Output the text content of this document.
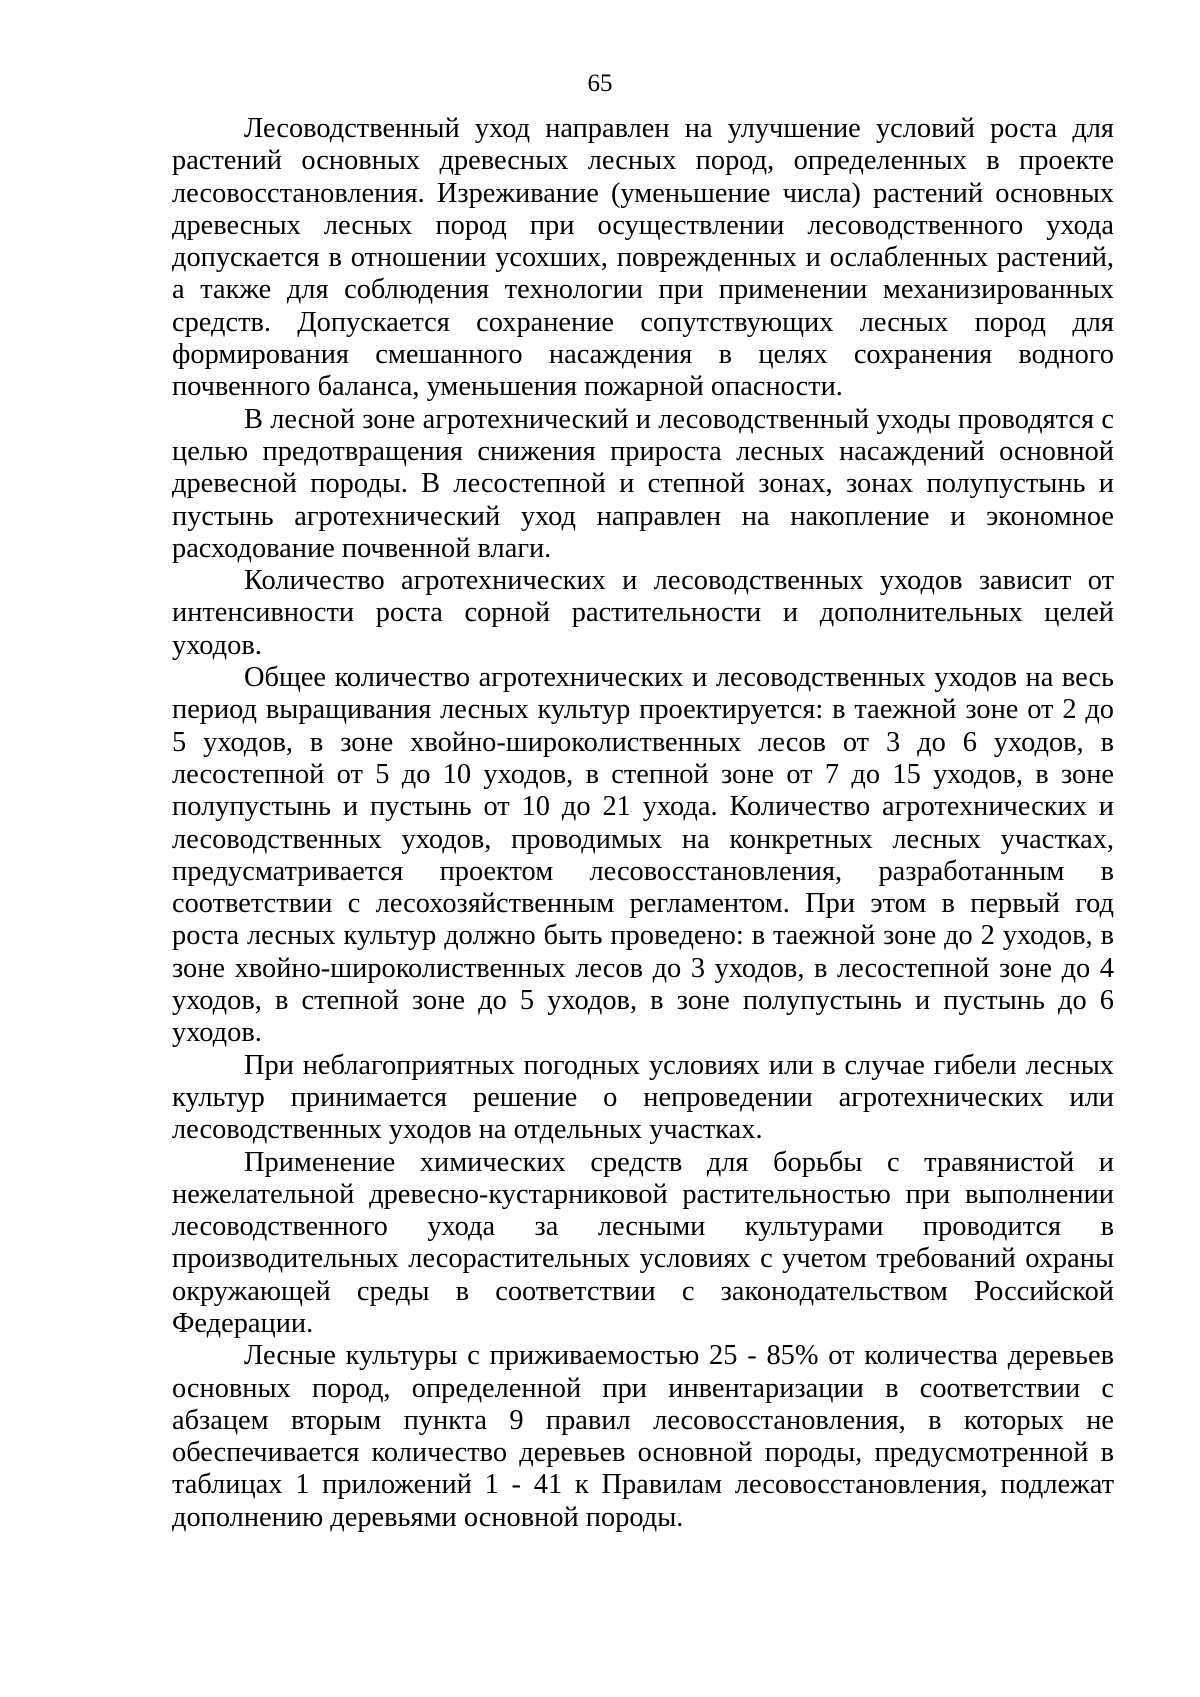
65

Лесоводственный уход направлен на улучшение условий роста для растений основных древесных лесных пород, определенных в проекте лесовосстановления. Изреживание (уменьшение числа) растений основных древесных лесных пород при осуществлении лесоводственного ухода допускается в отношении усохших, поврежденных и ослабленных растений, а также для соблюдения технологии при применении механизированных средств. Допускается сохранение сопутствующих лесных пород для формирования смешанного насаждения в целях сохранения водного почвенного баланса, уменьшения пожарной опасности.

В лесной зоне агротехнический и лесоводственный уходы проводятся с целью предотвращения снижения прироста лесных насаждений основной древесной породы. В лесостепной и степной зонах, зонах полупустынь и пустынь агротехнический уход направлен на накопление и экономное расходование почвенной влаги.

Количество агротехнических и лесоводственных уходов зависит от интенсивности роста сорной растительности и дополнительных целей уходов.

Общее количество агротехнических и лесоводственных уходов на весь период выращивания лесных культур проектируется: в таежной зоне от 2 до 5 уходов, в зоне хвойно-широколиственных лесов от 3 до 6 уходов, в лесостепной от 5 до 10 уходов, в степной зоне от 7 до 15 уходов, в зоне полупустынь и пустынь от 10 до 21 ухода. Количество агротехнических и лесоводственных уходов, проводимых на конкретных лесных участках, предусматривается проектом лесовосстановления, разработанным в соответствии с лесохозяйственным регламентом. При этом в первый год роста лесных культур должно быть проведено: в таежной зоне до 2 уходов, в зоне хвойно-широколиственных лесов до 3 уходов, в лесостепной зоне до 4 уходов, в степной зоне до 5 уходов, в зоне полупустынь и пустынь до 6 уходов.

При неблагоприятных погодных условиях или в случае гибели лесных культур принимается решение о непроведении агротехнических или лесоводственных уходов на отдельных участках.

Применение химических средств для борьбы с травянистой и нежелательной древесно-кустарниковой растительностью при выполнении лесоводственного ухода за лесными культурами проводится в производительных лесорастительных условиях с учетом требований охраны окружающей среды в соответствии с законодательством Российской Федерации.

Лесные культуры с приживаемостью 25 - 85% от количества деревьев основных пород, определенной при инвентаризации в соответствии с абзацем вторым пункта 9 правил лесовосстановления, в которых не обеспечивается количество деревьев основной породы, предусмотренной в таблицах 1 приложений 1 - 41 к Правилам лесовосстановления, подлежат дополнению деревьями основной породы.
